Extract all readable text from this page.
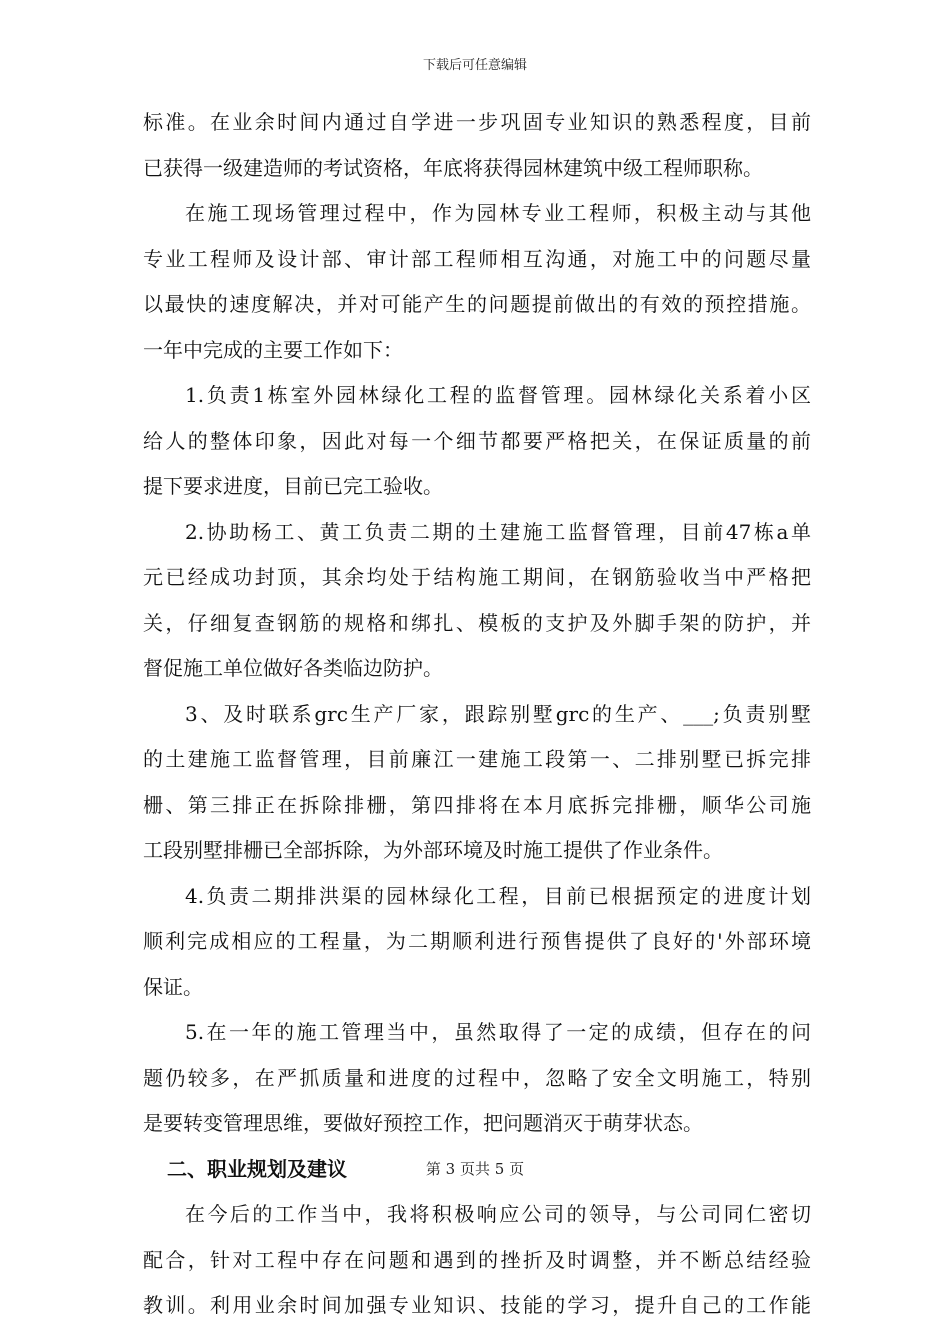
下载后可任意编辑
标准。在业余时间内通过自学进一步巩固专业知识的熟悉程度，目前
已获得一级建造师的考试资格，年底将获得园林建筑中级工程师职称。
在施工现场管理过程中，作为园林专业工程师，积极主动与其他
专业工程师及设计部、审计部工程师相互沟通，对施工中的问题尽量
以最快的速度解决，并对可能产生的问题提前做出的有效的预控措施。
一年中完成的主要工作如下：
1.负责1栋室外园林绿化工程的监督管理。园林绿化关系着小区
给人的整体印象，因此对每一个细节都要严格把关，在保证质量的前
提下要求进度，目前已完工验收。
2.协助杨工、黄工负责二期的土建施工监督管理，目前47栋a单
元已经成功封顶，其余均处于结构施工期间，在钢筋验收当中严格把
关，仔细复查钢筋的规格和绑扎、模板的支护及外脚手架的防护，并
督促施工单位做好各类临边防护。
3、及时联系grc生产厂家，跟踪别墅grc的生产、___;负责别墅
的土建施工监督管理，目前廉江一建施工段第一、二排别墅已拆完排
栅、第三排正在拆除排栅，第四排将在本月底拆完排栅，顺华公司施
工段别墅排栅已全部拆除，为外部环境及时施工提供了作业条件。
4.负责二期排洪渠的园林绿化工程，目前已根据预定的进度计划
顺利完成相应的工程量，为二期顺利进行预售提供了良好的'外部环境
保证。
5.在一年的施工管理当中，虽然取得了一定的成绩，但存在的问
题仍较多，在严抓质量和进度的过程中，忽略了安全文明施工，特别
是要转变管理思维，要做好预控工作，把问题消灭于萌芽状态。
二、职业规划及建议
在今后的工作当中，我将积极响应公司的领导，与公司同仁密切
配合，针对工程中存在问题和遇到的挫折及时调整，并不断总结经验
教训。利用业余时间加强专业知识、技能的学习，提升自己的工作能
第 3 页共 5 页
